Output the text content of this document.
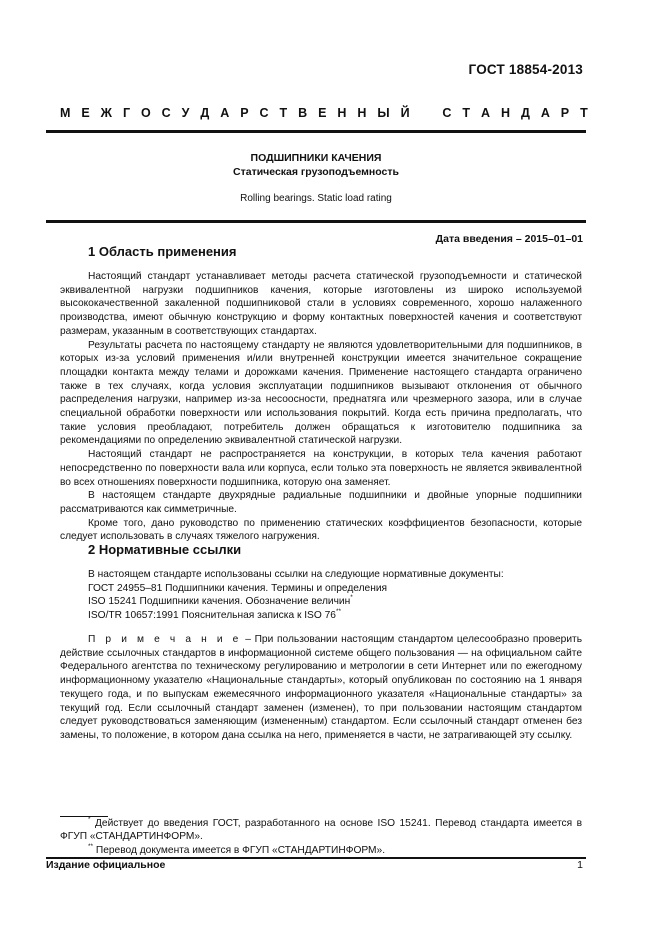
ГОСТ 18854-2013
М Е Ж Г О С У Д А Р С Т В Е Н Н Ы Й	С Т А Н Д А Р Т
ПОДШИПНИКИ КАЧЕНИЯ
Статическая грузоподъемность
Rolling bearings. Static load rating
Дата введения – 2015–01–01
1 Область применения

Настоящий стандарт устанавливает методы расчета статической грузоподъемности и статической эквивалентной нагрузки подшипников качения, которые изготовлены из широко используемой высококачественной закаленной подшипниковой стали в условиях современного, хорошо налаженного производства, имеют обычную конструкцию и форму контактных поверхностей качения и соответствуют размерам, указанным в соответствующих стандартах.

Результаты расчета по настоящему стандарту не являются удовлетворительными для подшипников, в которых из-за условий применения и/или внутренней конструкции имеется значительное сокращение площадки контакта между телами и дорожками качения. Применение настоящего стандарта ограничено также в тех случаях, когда условия эксплуатации подшипников вызывают отклонения от обычного распределения нагрузки, например из-за несоосности, преднатяга или чрезмерного зазора, или в случае специальной обработки поверхности или использования покрытий. Когда есть причина предполагать, что такие условия преобладают, потребитель должен обращаться к изготовителю подшипника за рекомендациями по определению эквивалентной статической нагрузки.

Настоящий стандарт не распространяется на конструкции, в которых тела качения работают непосредственно по поверхности вала или корпуса, если только эта поверхность не является эквивалентной во всех отношениях поверхности подшипника, которую она заменяет.

В настоящем стандарте двухрядные радиальные подшипники и двойные упорные подшипники рассматриваются как симметричные.

Кроме того, дано руководство по применению статических коэффициентов безопасности, которые следует использовать в случаях тяжелого нагружения.

2 Нормативные ссылки
В настоящем стандарте использованы ссылки на следующие нормативные документы:
ГОСТ 24955–81 Подшипники качения. Термины и определения
ISO 15241 Подшипники качения. Обозначение величин*
ISO/TR 10657:1991 Пояснительная записка к ISO 76**

П р и м е ч а н и е – При пользовании настоящим стандартом целесообразно проверить действие ссылочных стандартов в информационной системе общего пользования — на официальном сайте Федерального агентства по техническому регулированию и метрологии в сети Интернет или по ежегодному информационному указателю «Национальные стандарты», который опубликован по состоянию на 1 января текущего года, и по выпускам ежемесячного информационного указателя «Национальные стандарты» за текущий год. Если ссылочный стандарт заменен (изменен), то при пользовании настоящим стандартом следует руководствоваться заменяющим (измененным) стандартом. Если ссылочный стандарт отменен без замены, то положение, в котором дана ссылка на него, применяется в части, не затрагивающей эту ссылку.

* Действует до введения ГОСТ, разработанного на основе ISO 15241. Перевод стандарта имеется в ФГУП «СТАНДАРТИНФОРМ».

** Перевод документа имеется в ФГУП «СТАНДАРТИНФОРМ».

Издание официальное	1
